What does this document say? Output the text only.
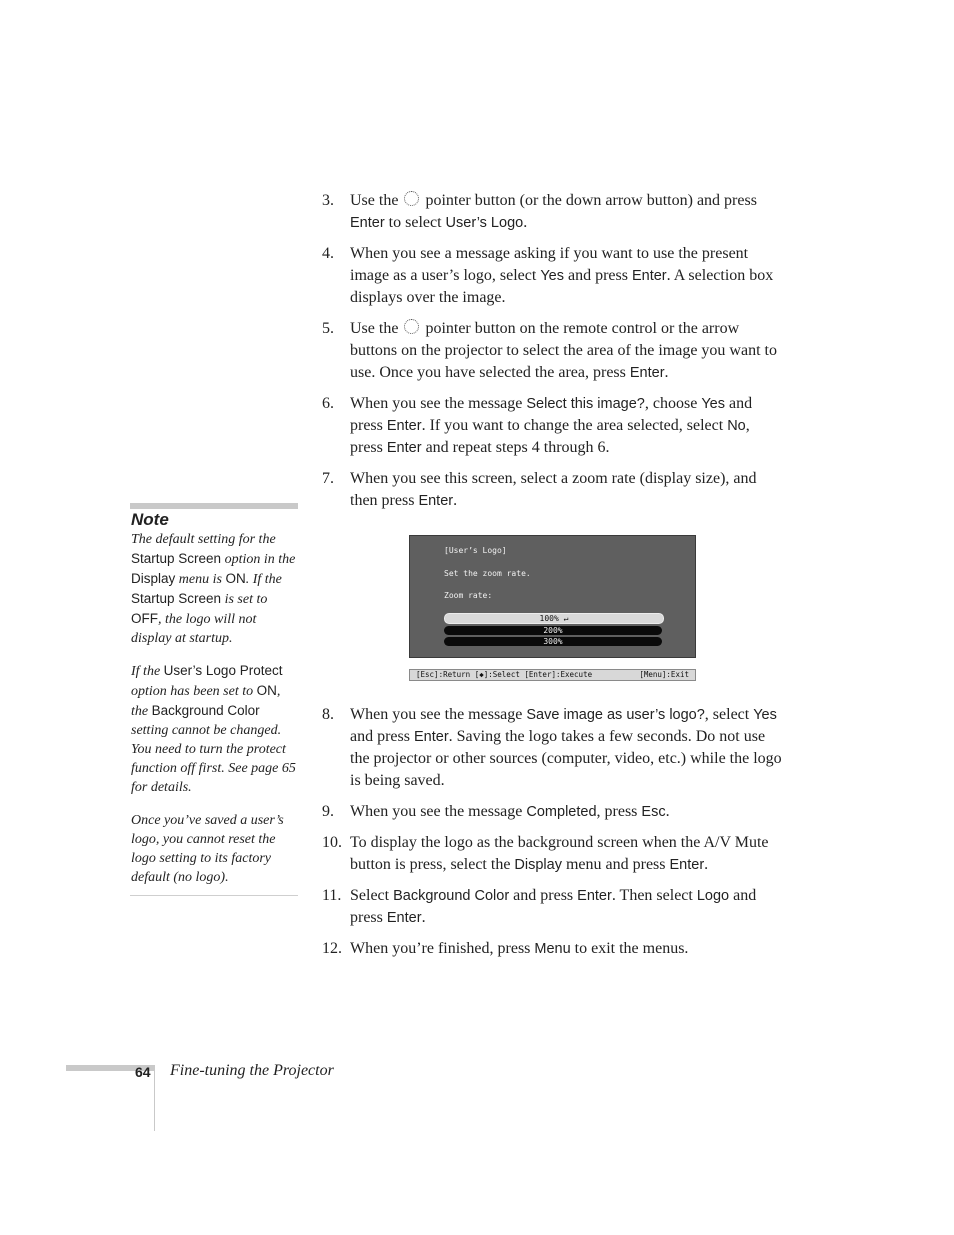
3. Use the pointer button (or the down arrow button) and press Enter to select User’s Logo.
4. When you see a message asking if you want to use the present image as a user’s logo, select Yes and press Enter. A selection box displays over the image.
5. Use the pointer button on the remote control or the arrow buttons on the projector to select the area of the image you want to use. Once you have selected the area, press Enter.
6. When you see the message Select this image?, choose Yes and press Enter. If you want to change the area selected, select No, press Enter and repeat steps 4 through 6.
7. When you see this screen, select a zoom rate (display size), and then press Enter.
[User’s Logo]
Set the zoom rate.
Zoom rate:
100% ↵
200%
300%
[Esc]:Return [◆]:Select [Enter]:Execute	[Menu]:Exit
8. When you see the message Save image as user’s logo?, select Yes and press Enter. Saving the logo takes a few seconds. Do not use the projector or other sources (computer, video, etc.) while the logo is being saved.
9. When you see the message Completed, press Esc.
10. To display the logo as the background screen when the A/V Mute button is press, select the Display menu and press Enter.
11. Select Background Color and press Enter. Then select Logo and press Enter.
12. When you’re finished, press Menu to exit the menus.
Note
The default setting for the Startup Screen option in the Display menu is ON. If the Startup Screen is set to OFF, the logo will not display at startup.
If the User’s Logo Protect option has been set to ON, the Background Color setting cannot be changed. You need to turn the protect function off first. See page 65 for details.
Once you’ve saved a user’s logo, you cannot reset the logo setting to its factory default (no logo).
64 Fine-tuning the Projector
